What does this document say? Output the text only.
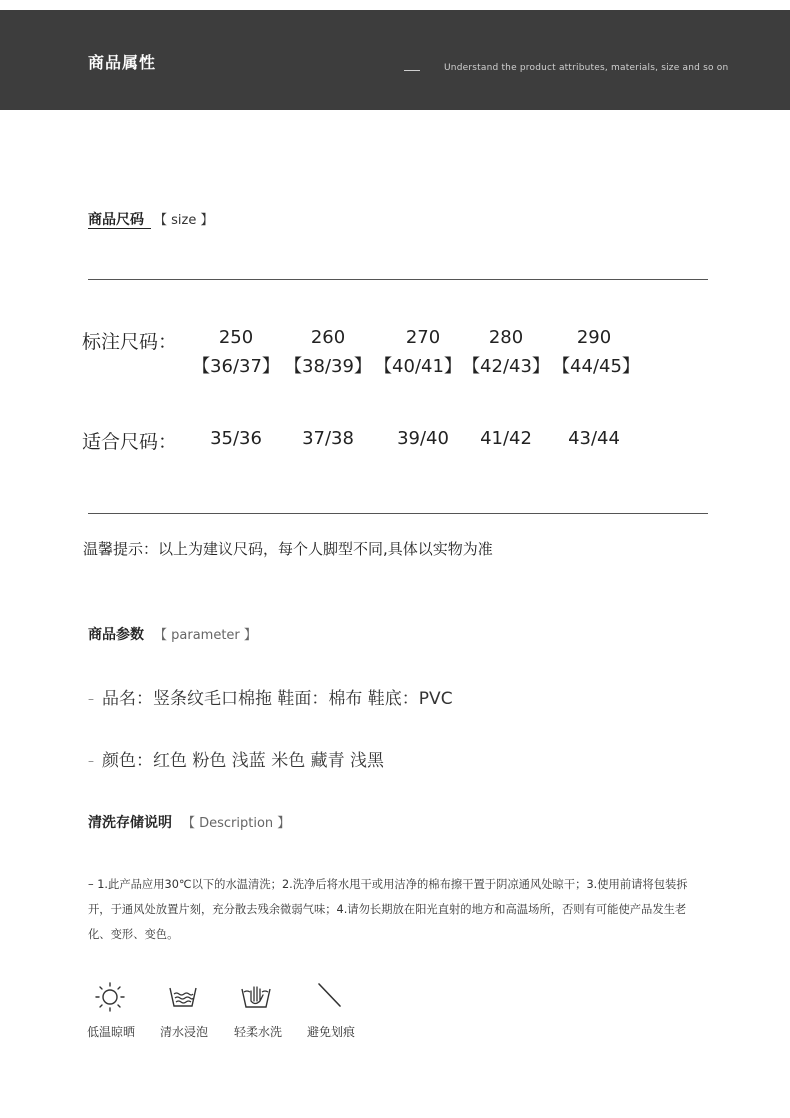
商品属性	Understand the product attributes, materials, size and so on
商品尺码 【 size 】
标注尺码：	250	260	270	280	290
【36/37】 【38/39】 【40/41】 【42/43】 【44/45】
适合尺码：	35/36	37/38	39/40	41/42	43/44
温馨提示：以上为建议尺码，每个人脚型不同,具体以实物为准
商品参数 【 parameter 】
– 品名：竖条纹毛口棉拖 鞋面：棉布 鞋底：PVC
– 颜色：红色 粉色 浅蓝 米色 藏青 浅黑
清洗存储说明 【 Description 】
– 1.此产品应用30℃以下的水温清洗；2.洗净后将水甩干或用洁净的棉布擦干置于阴凉通风处晾干；3.使用前请将包装拆开，于通风处放置片刻，充分散去残余微弱气味；4.请勿长期放在阳光直射的地方和高温场所，否则有可能使产品发生老化、变形、变色。
低温晾晒	清水浸泡	轻柔水洗	避免划痕
